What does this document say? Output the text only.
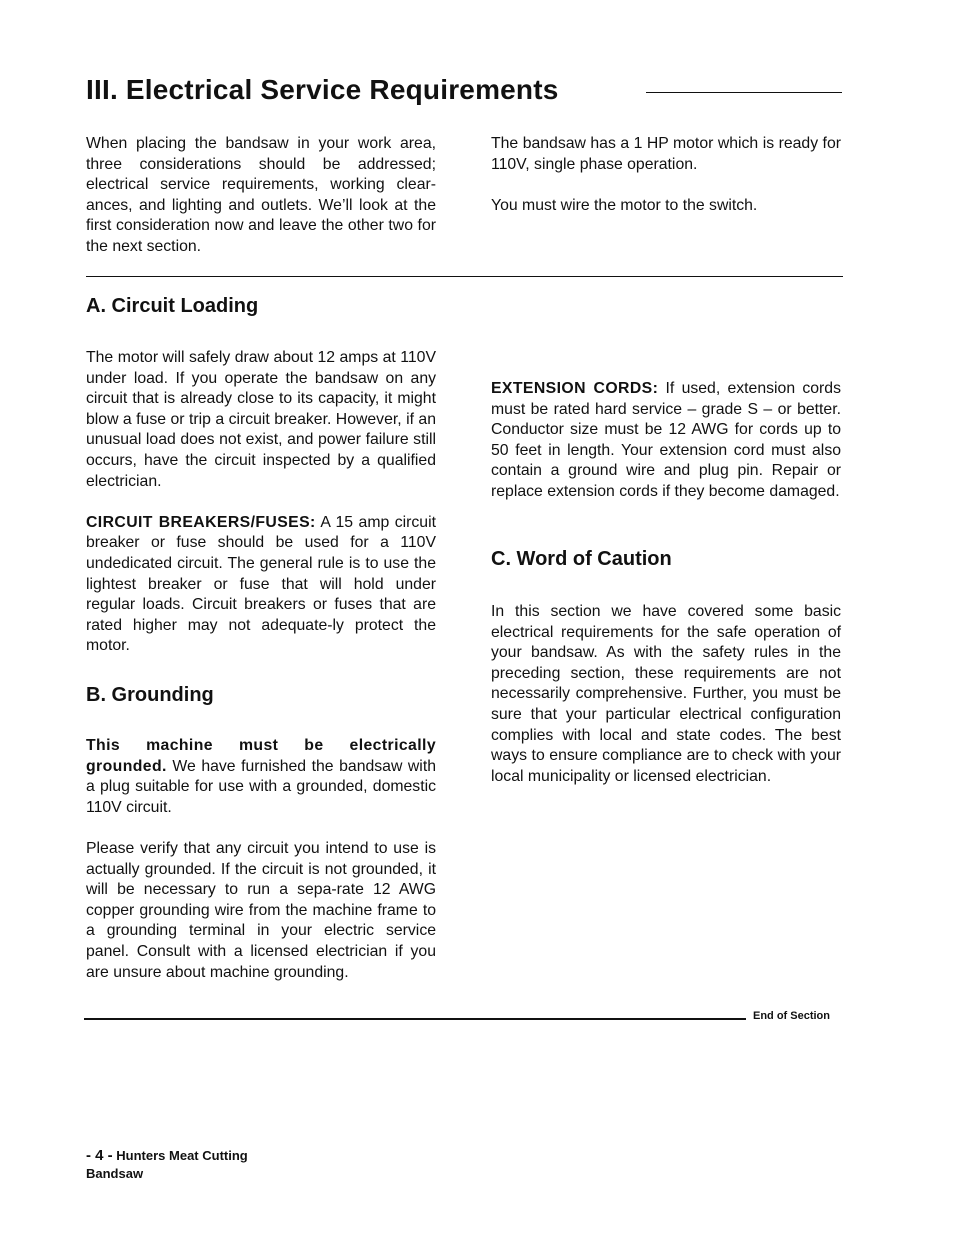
III. Electrical Service Requirements

When placing the bandsaw in your work area, three considerations should be addressed; electrical service requirements, working clear-ances, and lighting and outlets. We’ll look at the first consideration now and leave the other two for the next section.

The bandsaw has a 1 HP motor which is ready for 110V, single phase operation.

You must wire the motor to the switch.

A. Circuit Loading

The motor will safely draw about 12 amps at 110V under load. If you operate the bandsaw on any circuit that is already close to its capacity, it might blow a fuse or trip a circuit breaker. However, if an unusual load does not exist, and power failure still occurs, have the circuit inspected by a qualified electrician.

CIRCUIT BREAKERS/FUSES: A 15 amp circuit breaker or fuse should be used for a 110V undedicated circuit. The general rule is to use the lightest breaker or fuse that will hold under regular loads. Circuit breakers or fuses that are rated higher may not adequate-ly protect the motor.

B. Grounding

This machine must be electrically grounded. We have furnished the bandsaw with a plug suitable for use with a grounded, domestic 110V circuit.

Please verify that any circuit you intend to use is actually grounded. If the circuit is not grounded, it will be necessary to run a sepa-rate 12 AWG copper grounding wire from the machine frame to a grounding terminal in your electric service panel. Consult with a licensed electrician if you are unsure about machine grounding.

EXTENSION CORDS: If used, extension cords must be rated hard service – grade S – or better. Conductor size must be 12 AWG for cords up to 50 feet in length. Your extension cord must also contain a ground wire and plug pin. Repair or replace extension cords if they become damaged.

C. Word of Caution

In this section we have covered some basic electrical requirements for the safe operation of your bandsaw. As with the safety rules in the preceding section, these requirements are not necessarily comprehensive. Further, you must be sure that your particular electrical configuration complies with local and state codes. The best ways to ensure compliance are to check with your local municipality or licensed electrician.

End of Section
- 4 - Hunters Meat Cutting
Bandsaw
